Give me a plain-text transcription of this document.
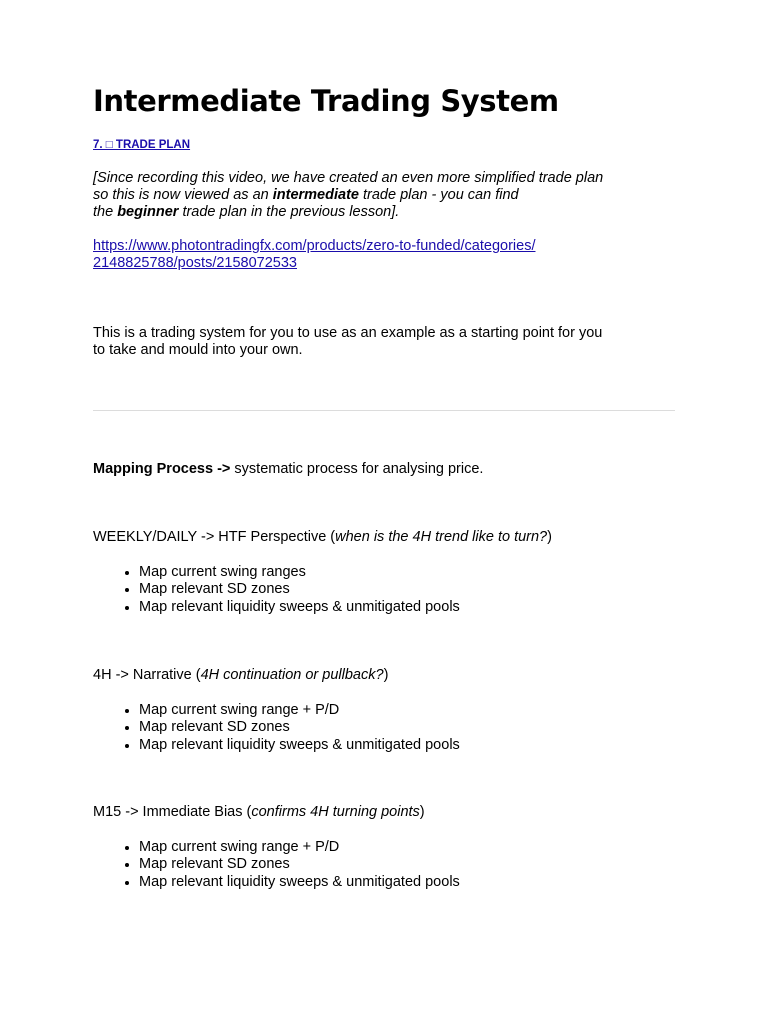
Intermediate Trading System
7. □ TRADE PLAN
[Since recording this video, we have created an even more simplified trade plan
so this is now viewed as an intermediate trade plan - you can find
the beginner trade plan in the previous lesson].
https://www.photontradingfx.com/products/zero-to-funded/categories/
2148825788/posts/2158072533
This is a trading system for you to use as an example as a starting point for you
to take and mould into your own.
Mapping Process -> systematic process for analysing price.
WEEKLY/DAILY -> HTF Perspective (when is the 4H trend like to turn?)
• Map current swing ranges
• Map relevant SD zones
• Map relevant liquidity sweeps & unmitigated pools
4H -> Narrative (4H continuation or pullback?)
• Map current swing range + P/D
• Map relevant SD zones
• Map relevant liquidity sweeps & unmitigated pools
M15 -> Immediate Bias (confirms 4H turning points)
• Map current swing range + P/D
• Map relevant SD zones
• Map relevant liquidity sweeps & unmitigated pools
